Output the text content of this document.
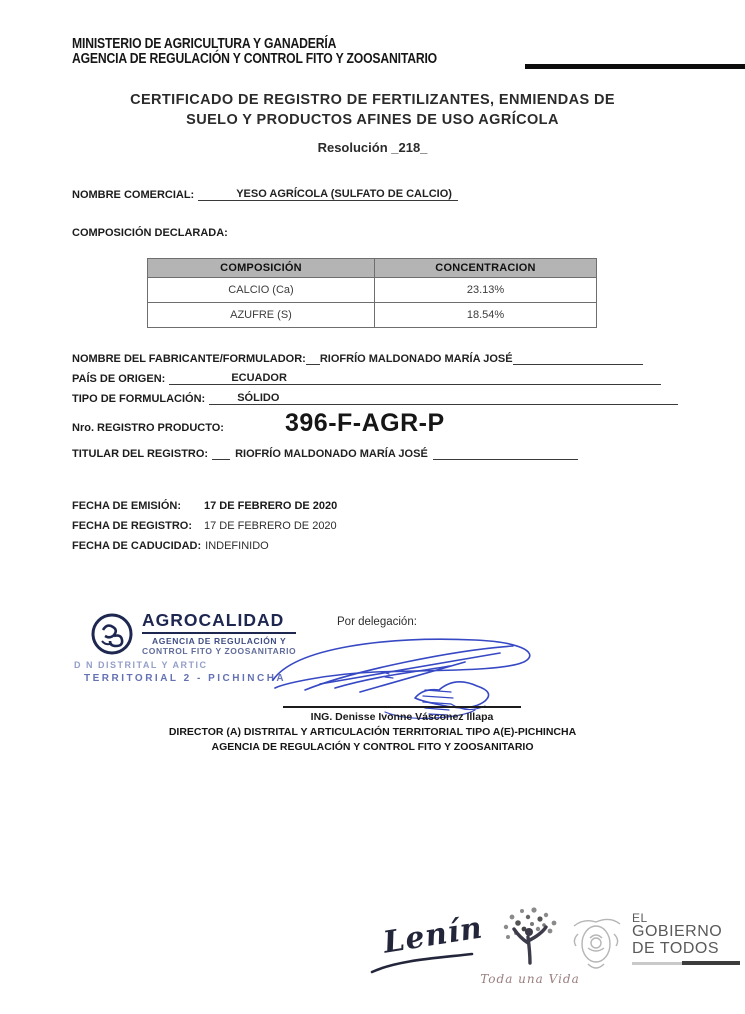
MINISTERIO DE AGRICULTURA Y GANADERÍA
AGENCIA DE REGULACIÓN Y CONTROL FITO Y ZOOSANITARIO
CERTIFICADO DE REGISTRO DE FERTILIZANTES, ENMIENDAS DE
SUELO Y PRODUCTOS AFINES DE USO AGRÍCOLA
Resolución _218_
NOMBRE COMERCIAL:	YESO AGRÍCOLA (SULFATO DE CALCIO)
COMPOSICIÓN DECLARADA:
COMPOSICIÓN	CONCENTRACION
CALCIO (Ca)	23.13%
AZUFRE (S)	18.54%
NOMBRE DEL FABRICANTE/FORMULADOR: RIOFRÍO MALDONADO MARÍA JOSÉ
PAÍS DE ORIGEN:	ECUADOR
TIPO DE FORMULACIÓN:	SÓLIDO
Nro. REGISTRO PRODUCTO: 396-F-AGR-P
TITULAR DEL REGISTRO:	RIOFRÍO MALDONADO MARÍA JOSÉ
FECHA DE EMISIÓN:	17 DE FEBRERO DE 2020
FECHA DE REGISTRO:	17 DE FEBRERO DE 2020
FECHA DE CADUCIDAD: INDEFINIDO
AGROCALIDAD
AGENCIA DE REGULACIÓN Y
CONTROL FITO Y ZOOSANITARIO
D N DISTRITAL Y ARTIC
TERRITORIAL 2 - PICHINCHA
Por delegación:
ING. Denisse Ivonne Vásconez Illapa
DIRECTOR (A) DISTRITAL Y ARTICULACIÓN TERRITORIAL TIPO A(E)-PICHINCHA
AGENCIA DE REGULACIÓN Y CONTROL FITO Y ZOOSANITARIO
Lenín
Toda una Vida
EL
GOBIERNO
DE TODOS
